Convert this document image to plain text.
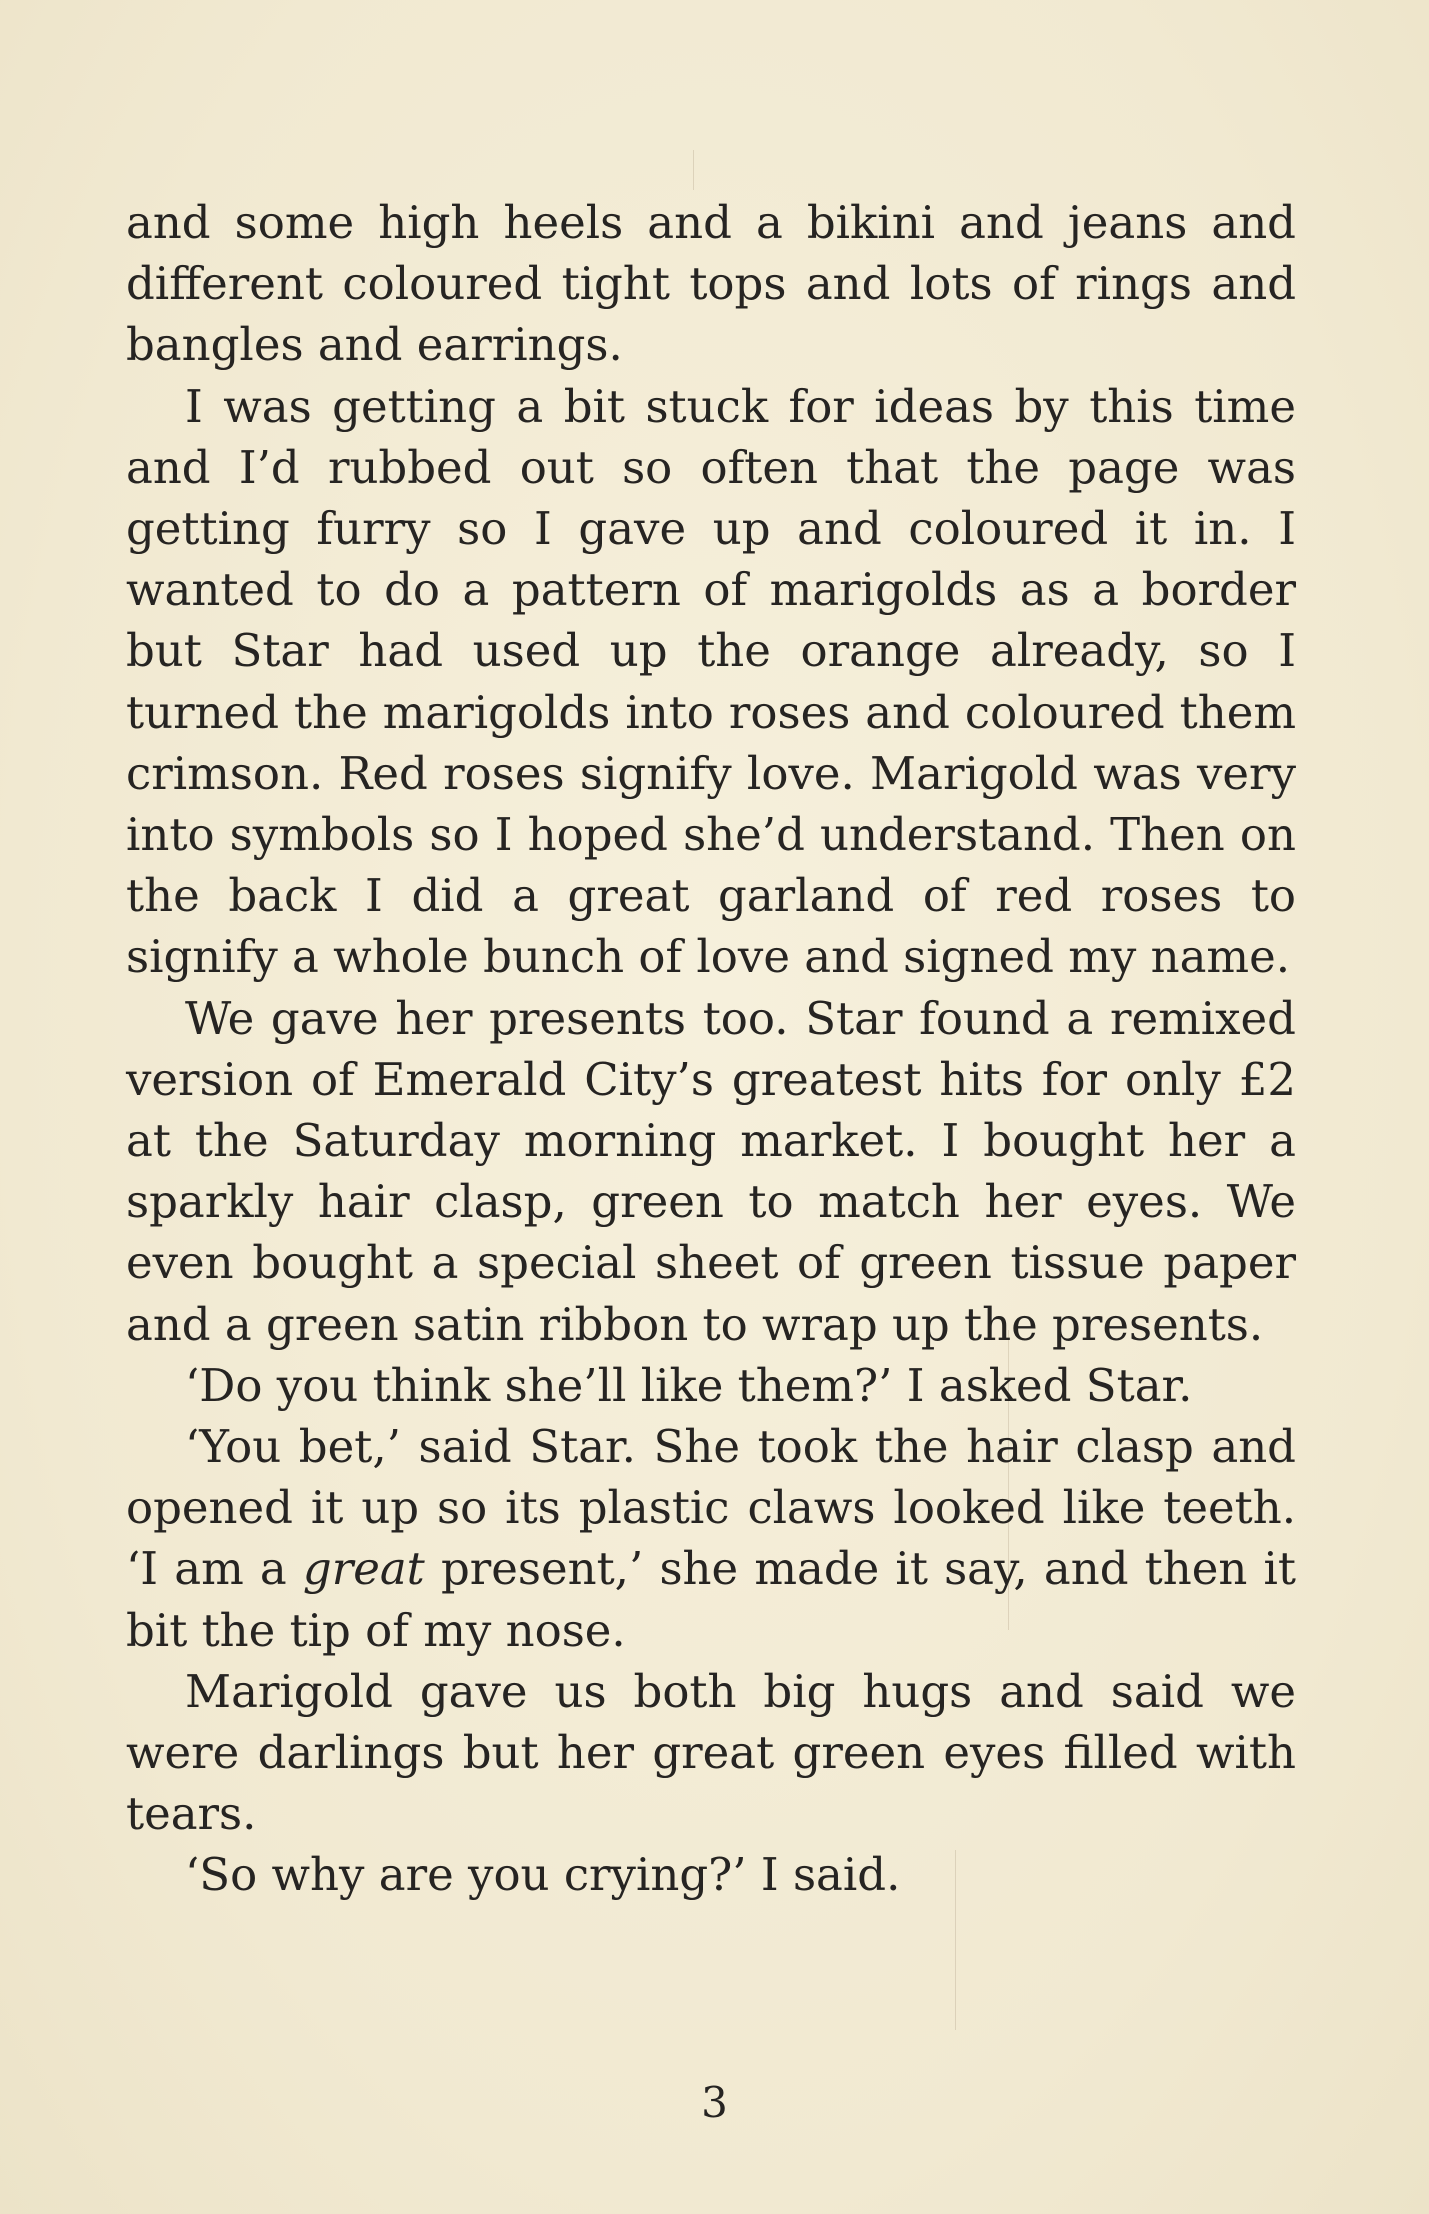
and some high heels and a bikini and jeans and different coloured tight tops and lots of rings and bangles and earrings.

I was getting a bit stuck for ideas by this time and I’d rubbed out so often that the page was getting furry so I gave up and coloured it in. I wanted to do a pattern of marigolds as a border but Star had used up the orange already, so I turned the marigolds into roses and coloured them crimson. Red roses signify love. Marigold was very into symbols so I hoped she’d understand. Then on the back I did a great garland of red roses to signify a whole bunch of love and signed my name.

We gave her presents too. Star found a remixed version of Emerald City’s greatest hits for only £2 at the Saturday morning market. I bought her a sparkly hair clasp, green to match her eyes. We even bought a special sheet of green tissue paper and a green satin ribbon to wrap up the presents.

‘Do you think she’ll like them?’ I asked Star.

‘You bet,’ said Star. She took the hair clasp and opened it up so its plastic claws looked like teeth. ‘I am a great present,’ she made it say, and then it bit the tip of my nose.

Marigold gave us both big hugs and said we were darlings but her great green eyes filled with tears.

‘So why are you crying?’ I said.

3
